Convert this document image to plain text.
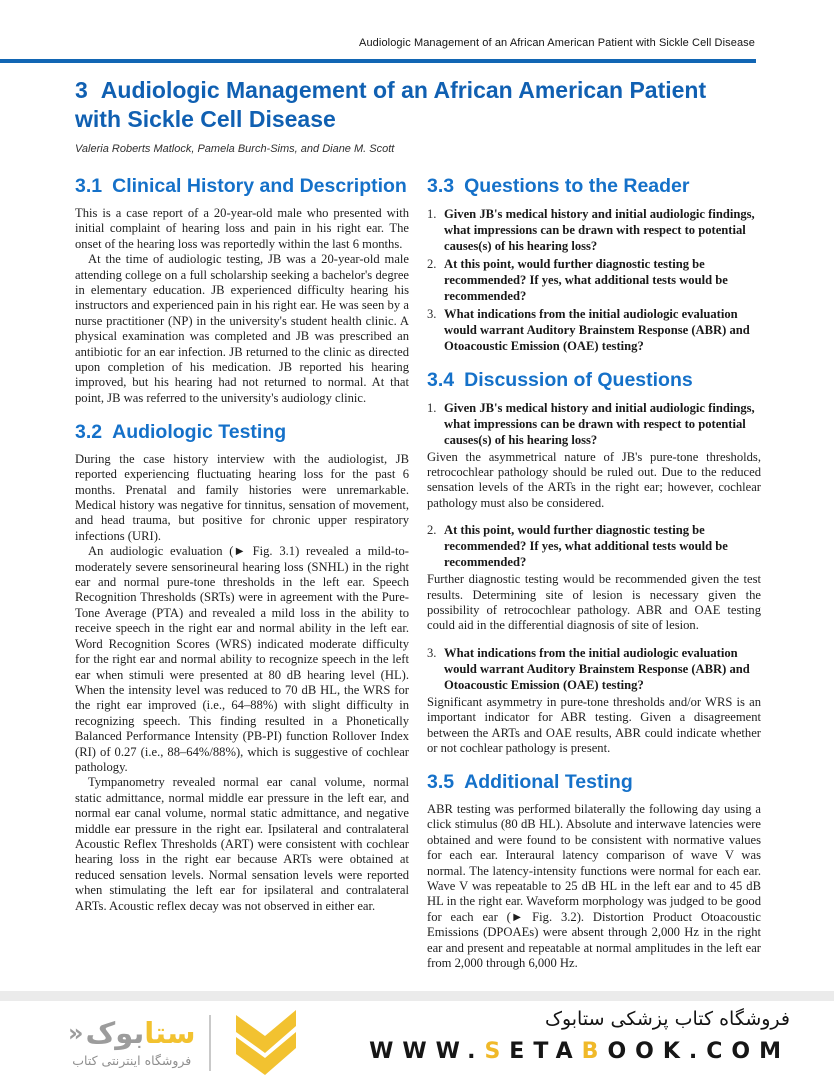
Audiologic Management of an African American Patient with Sickle Cell Disease
3 Audiologic Management of an African American Patient with Sickle Cell Disease
Valeria Roberts Matlock, Pamela Burch-Sims, and Diane M. Scott
3.1 Clinical History and Description

This is a case report of a 20-year-old male who presented with initial complaint of hearing loss and pain in his right ear. The onset of the hearing loss was reportedly within the last 6 months.

At the time of audiologic testing, JB was a 20-year-old male attending college on a full scholarship seeking a bachelor's degree in elementary education. JB experienced difficulty hearing his instructors and experienced pain in his right ear. He was seen by a nurse practitioner (NP) in the university's student health clinic. A physical examination was completed and JB was prescribed an antibiotic for an ear infection. JB returned to the clinic as directed upon completion of his medication. JB reported his hearing improved, but his hearing had not returned to normal. At that point, JB was referred to the university's audiology clinic.

3.2 Audiologic Testing

During the case history interview with the audiologist, JB reported experiencing fluctuating hearing loss for the past 6 months. Prenatal and family histories were unremarkable. Medical history was negative for tinnitus, sensation of movement, and head trauma, but positive for chronic upper respiratory infections (URI).

An audiologic evaluation (► Fig. 3.1) revealed a mild-to-moderately severe sensorineural hearing loss (SNHL) in the right ear and normal pure-tone thresholds in the left ear. Speech Recognition Thresholds (SRTs) were in agreement with the Pure-Tone Average (PTA) and revealed a mild loss in the ability to receive speech in the right ear and normal ability in the left ear. Word Recognition Scores (WRS) indicated moderate difficulty for the right ear and normal ability to recognize speech in the left ear when stimuli were presented at 80 dB hearing level (HL). When the intensity level was reduced to 70 dB HL, the WRS for the right ear improved (i.e., 64–88%) with slight difficulty in recognizing speech. This finding resulted in a Phonetically Balanced Performance Intensity (PB-PI) function Rollover Index (RI) of 0.27 (i.e., 88–64%/88%), which is suggestive of cochlear pathology.

Tympanometry revealed normal ear canal volume, normal static admittance, normal middle ear pressure in the left ear, and normal ear canal volume, normal static admittance, and negative middle ear pressure in the right ear. Ipsilateral and contralateral Acoustic Reflex Thresholds (ART) were consistent with cochlear hearing loss in the right ear because ARTs were obtained at reduced sensation levels. Normal sensation levels were reported when stimulating the left ear for ipsilateral and contralateral ARTs. Acoustic reflex decay was not observed in either ear.

3.3 Questions to the Reader
1. Given JB's medical history and initial audiologic findings, what impressions can be drawn with respect to potential causes(s) of his hearing loss?
2. At this point, would further diagnostic testing be recommended? If yes, what additional tests would be recommended?
3. What indications from the initial audiologic evaluation would warrant Auditory Brainstem Response (ABR) and Otoacoustic Emission (OAE) testing?
3.4 Discussion of Questions
1. Given JB's medical history and initial audiologic findings, what impressions can be drawn with respect to potential causes(s) of his hearing loss?

Given the asymmetrical nature of JB's pure-tone thresholds, retrocochlear pathology should be ruled out. Due to the reduced sensation levels of the ARTs in the right ear; however, cochlear pathology must also be considered.

2. At this point, would further diagnostic testing be recommended? If yes, what additional tests would be recommended?

Further diagnostic testing would be recommended given the test results. Determining site of lesion is necessary given the possibility of retrocochlear pathology. ABR and OAE testing could aid in the differential diagnosis of site of lesion.

3. What indications from the initial audiologic evaluation would warrant Auditory Brainstem Response (ABR) and Otoacoustic Emission (OAE) testing?

Significant asymmetry in pure-tone thresholds and/or WRS is an important indicator for ABR testing. Given a disagreement between the ARTs and OAE results, ABR could indicate whether or not cochlear pathology is present.

3.5 Additional Testing

ABR testing was performed bilaterally the following day using a click stimulus (80 dB HL). Absolute and interwave latencies were obtained and were found to be consistent with normative values for each ear. Interaural latency comparison of wave V was normal. The latency-intensity functions were normal for each ear. Wave V was repeatable to 25 dB HL in the left ear and to 45 dB HL in the right ear. Waveform morphology was judged to be good for each ear (► Fig. 3.2). Distortion Product Otoacoustic Emissions (DPOAEs) were absent through 2,000 Hz in the right ear and present and repeatable at normal amplitudes in the left ear from 2,000 through 6,000 Hz.

« بوک ستا
فروشگاه اینترنتی کتاب
فروشگاه کتاب پزشکی ستابوک
WWW.SETABOOK.COM
